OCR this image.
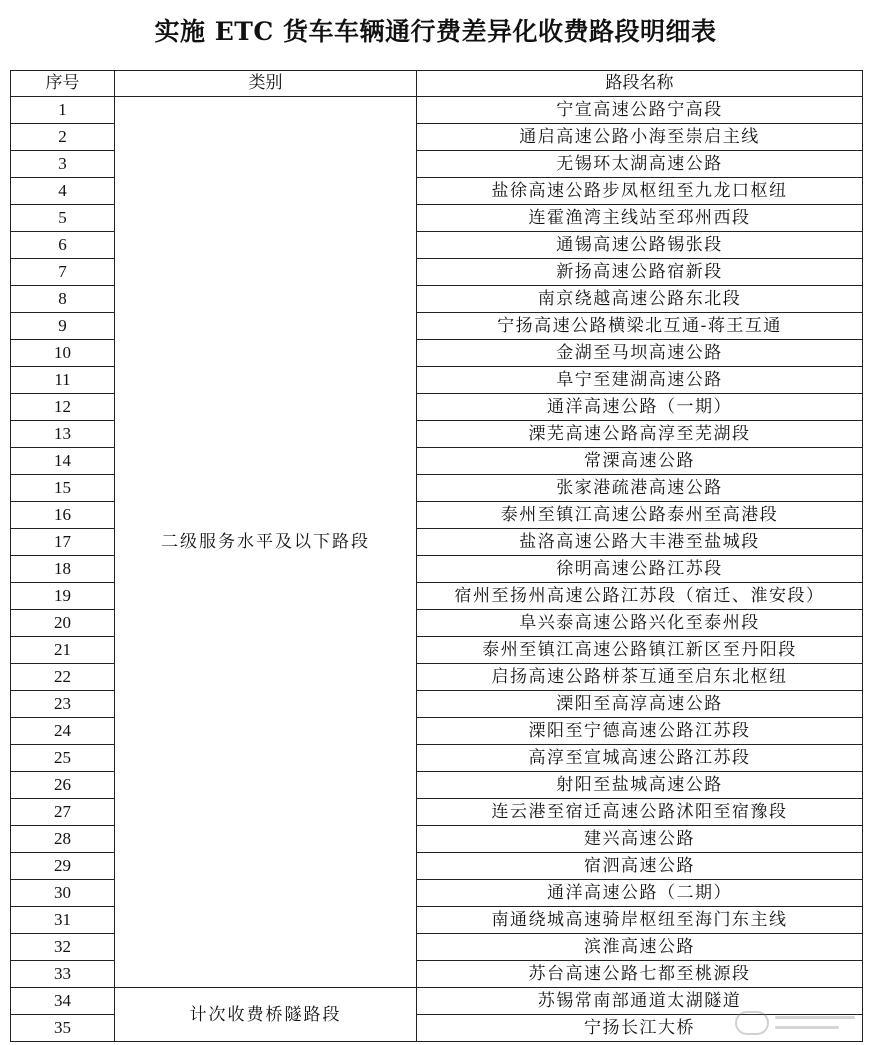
实施 ETC 货车车辆通行费差异化收费路段明细表
序号	类别	路段名称
1	二级服务水平及以下路段	宁宣高速公路宁高段
2		通启高速公路小海至崇启主线
3		无锡环太湖高速公路
4		盐徐高速公路步凤枢纽至九龙口枢纽
5		连霍渔湾主线站至邳州西段
6		通锡高速公路锡张段
7		新扬高速公路宿新段
8		南京绕越高速公路东北段
9		宁扬高速公路横梁北互通-蒋王互通
10		金湖至马坝高速公路
11		阜宁至建湖高速公路
12		通洋高速公路（一期）
13		溧芜高速公路高淳至芜湖段
14		常溧高速公路
15		张家港疏港高速公路
16		泰州至镇江高速公路泰州至高港段
17		盐洛高速公路大丰港至盐城段
18		徐明高速公路江苏段
19		宿州至扬州高速公路江苏段（宿迁、淮安段）
20		阜兴泰高速公路兴化至泰州段
21		泰州至镇江高速公路镇江新区至丹阳段
22		启扬高速公路栟茶互通至启东北枢纽
23		溧阳至高淳高速公路
24		溧阳至宁德高速公路江苏段
25		高淳至宣城高速公路江苏段
26		射阳至盐城高速公路
27		连云港至宿迁高速公路沭阳至宿豫段
28		建兴高速公路
29		宿泗高速公路
30		通洋高速公路（二期）
31		南通绕城高速骑岸枢纽至海门东主线
32		滨淮高速公路
33		苏台高速公路七都至桃源段
34	计次收费桥隧路段	苏锡常南部通道太湖隧道
35		宁扬长江大桥
